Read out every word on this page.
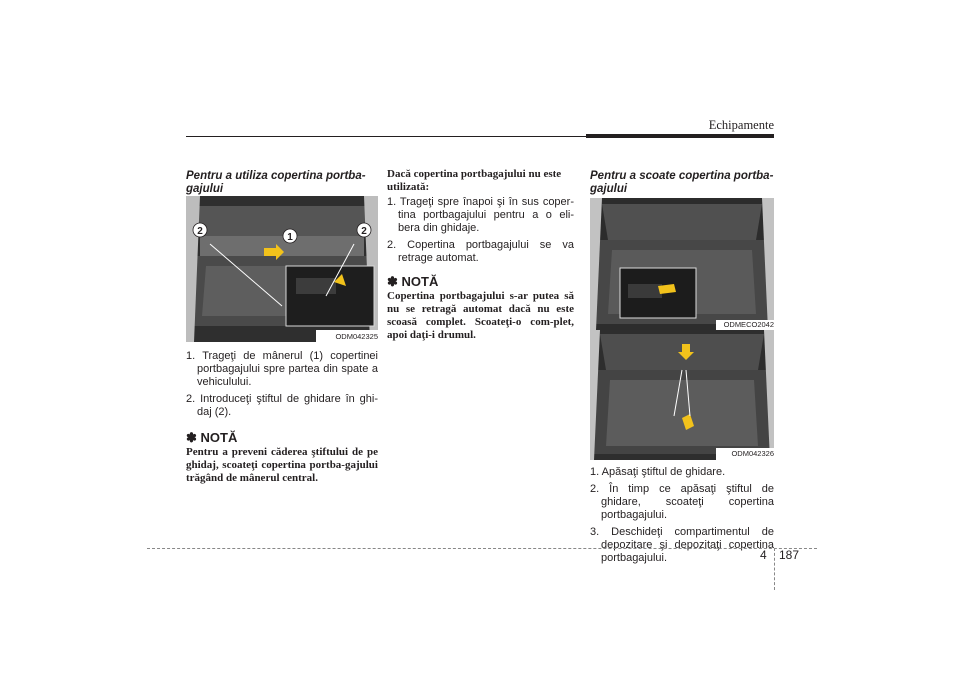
Echipamente
Pentru a utiliza copertina portba-gajului
2	2
1
ODM042325
1. Trageţi de mânerul (1) copertinei portbagajului spre partea din spate a vehiculului.
2. Introduceţi ştiftul de ghidare în ghi-daj (2).
✽ NOTĂ
Pentru a preveni căderea ştiftului de pe ghidaj, scoateţi copertina portba-gajului trăgând de mânerul central.
Dacă copertina portbagajului nu este utilizată:
1. Trageţi spre înapoi şi în sus coper-tina portbagajului pentru a o eli-bera din ghidaje.
2. Copertina portbagajului se va retrage automat.
✽ NOTĂ
Copertina portbagajului s-ar putea să nu se retragă automat dacă nu este scoasă complet. Scoateţi-o com-plet, apoi daţi-i drumul.
Pentru a scoate copertina portba-gajului
ODMECO2042
ODM042326
1. Apăsaţi ştiftul de ghidare.
2. În timp ce apăsaţi ştiftul de ghidare, scoateţi copertina portbagajului.
3. Deschideţi compartimentul de depozitare şi depozitaţi copertina portbagajului.	4 187
